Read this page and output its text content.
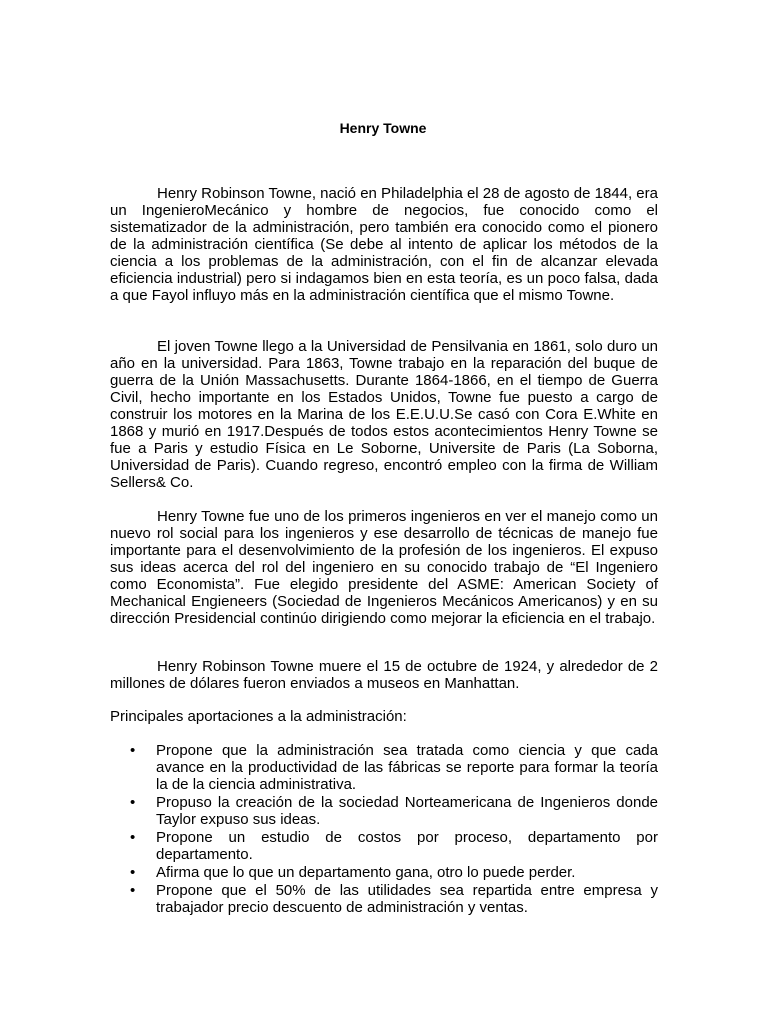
Henry Towne

Henry Robinson Towne, nació en Philadelphia el 28 de agosto de 1844, era un IngenieroMecánico y hombre de negocios, fue conocido como el sistematizador de la administración, pero también era conocido como el pionero de la administración científica (Se debe al intento de aplicar los métodos de la ciencia a los problemas de la administración, con el fin de alcanzar elevada eficiencia industrial) pero si indagamos bien en esta teoría, es un poco falsa, dada a que Fayol influyo más en la administración científica que el mismo Towne.

El joven Towne llego a la Universidad de Pensilvania en 1861, solo duro un año en la universidad. Para 1863, Towne trabajo en la reparación del buque de guerra de la Unión Massachusetts. Durante 1864-1866, en el tiempo de Guerra Civil, hecho importante en los Estados Unidos, Towne fue puesto a cargo de construir los motores en la Marina de los E.E.U.U.Se casó con Cora E.White en 1868 y murió en 1917.Después de todos estos acontecimientos Henry Towne se fue a Paris y estudio Física en Le Soborne, Universite de Paris (La Soborna, Universidad de Paris). Cuando regreso, encontró empleo con la firma de William Sellers& Co.

Henry Towne fue uno de los primeros ingenieros en ver el manejo como un nuevo rol social para los ingenieros y ese desarrollo de técnicas de manejo fue importante para el desenvolvimiento de la profesión de los ingenieros. El expuso sus ideas acerca del rol del ingeniero en su conocido trabajo de “El Ingeniero como Economista”. Fue elegido presidente del ASME: American Society of Mechanical Engieneers (Sociedad de Ingenieros Mecánicos Americanos) y en su dirección Presidencial continúo dirigiendo como mejorar la eficiencia en el trabajo.

Henry Robinson Towne muere el 15 de octubre de 1924, y alrededor de 2 millones de dólares fueron enviados a museos en Manhattan.

Principales aportaciones a la administración:

• Propone que la administración sea tratada como ciencia y que cada avance en la productividad de las fábricas se reporte para formar la teoría la de la ciencia administrativa.
• Propuso la creación de la sociedad Norteamericana de Ingenieros donde Taylor expuso sus ideas.
• Propone un estudio de costos por proceso, departamento por departamento.
• Afirma que lo que un departamento gana, otro lo puede perder.
• Propone que el 50% de las utilidades sea repartida entre empresa y trabajador precio descuento de administración y ventas.
